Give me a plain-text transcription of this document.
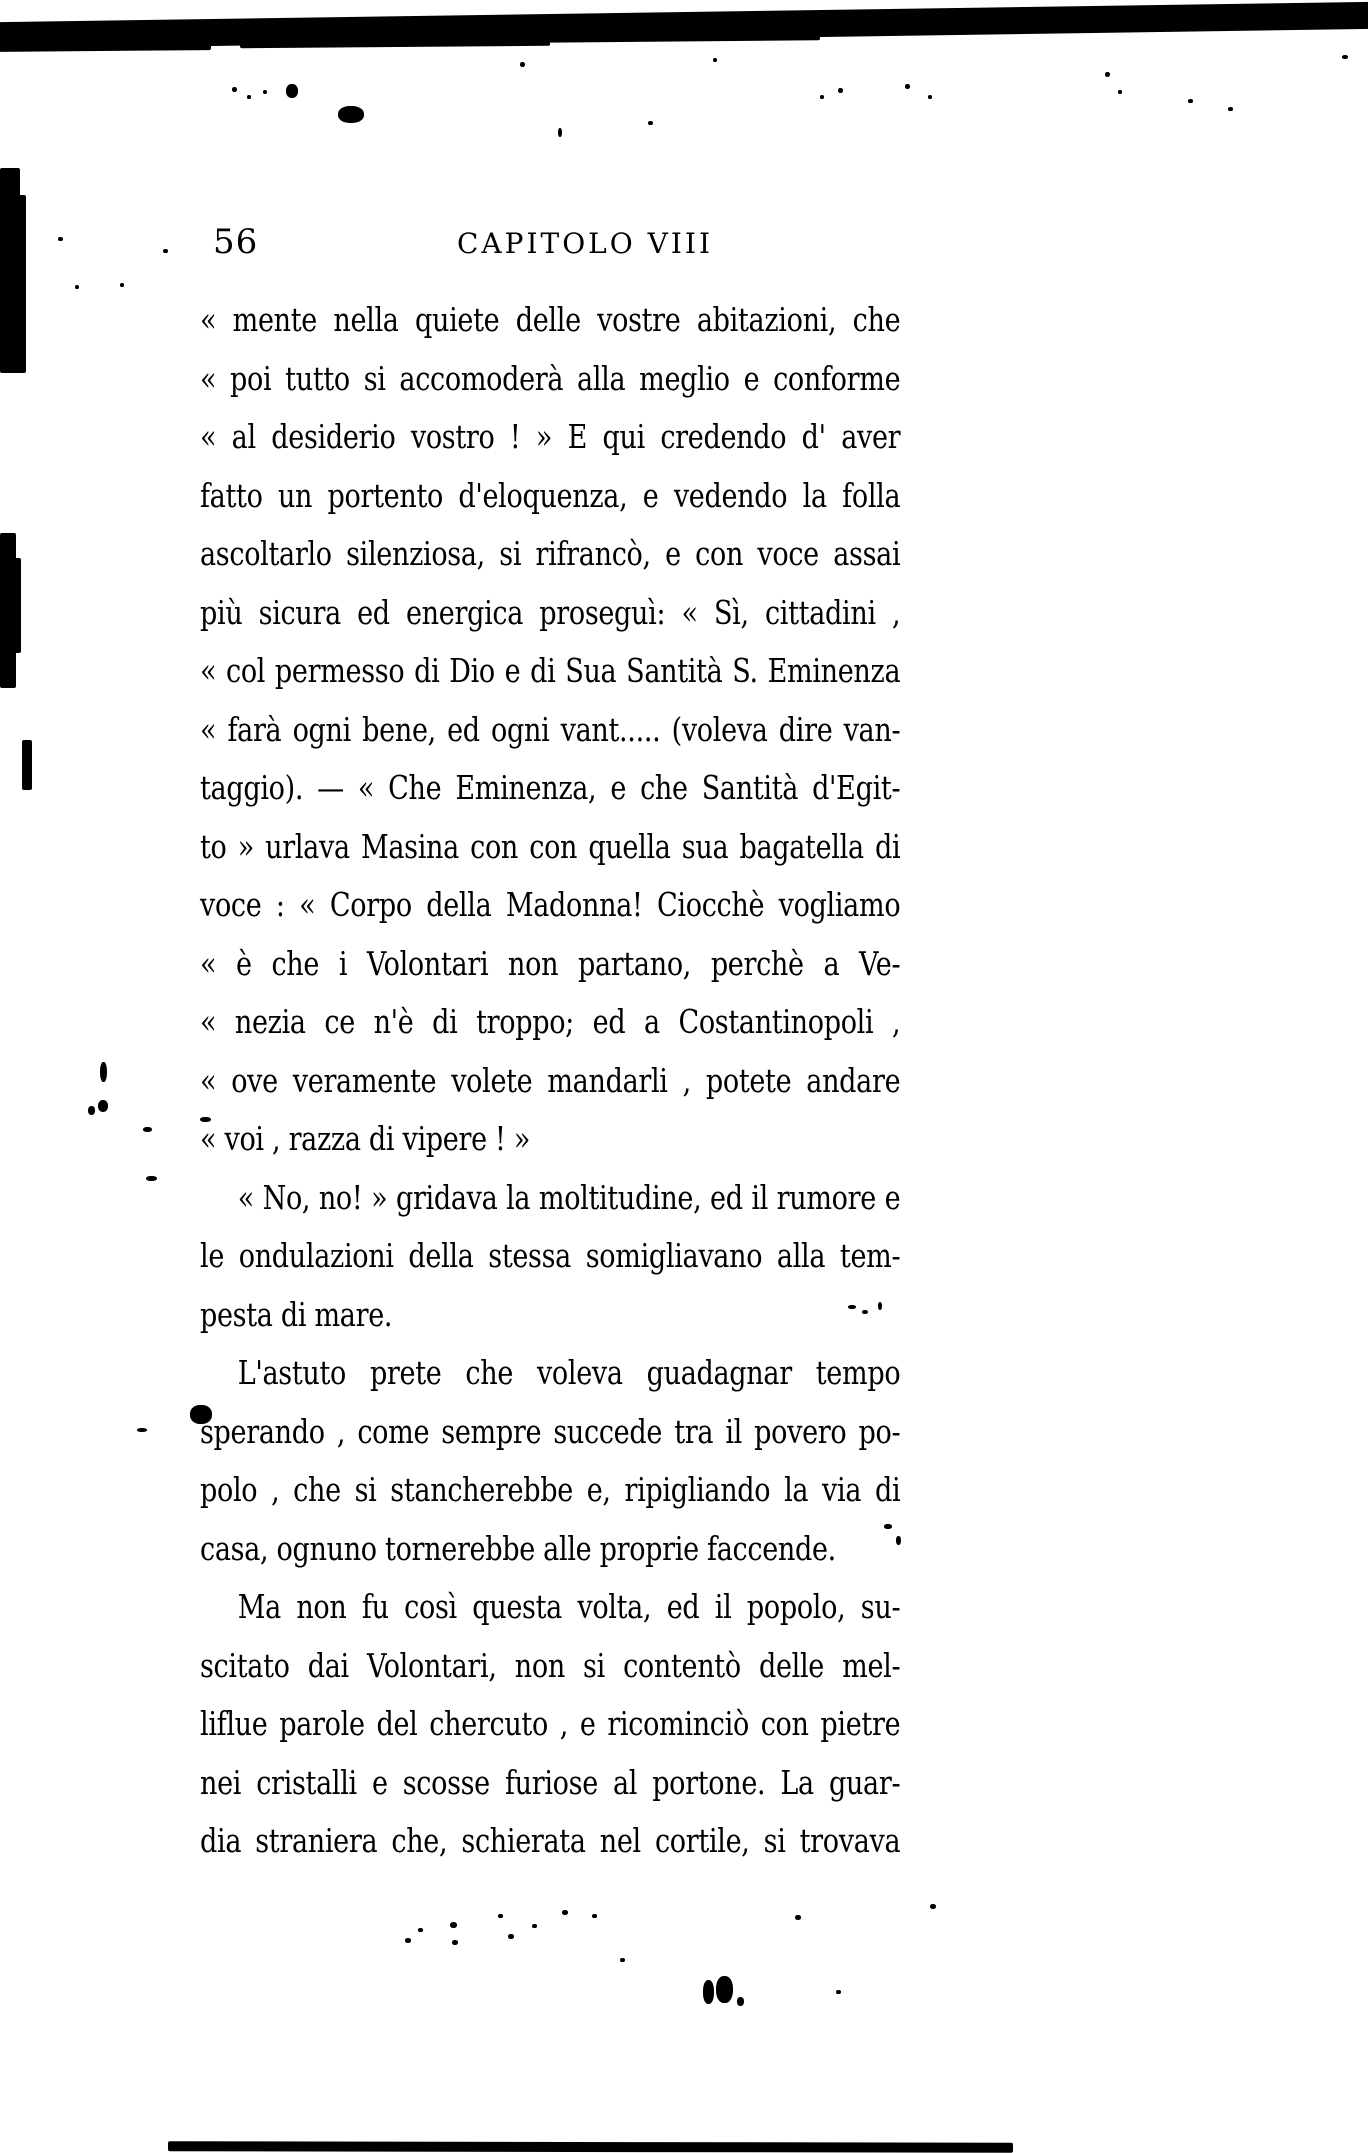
56	CAPITOLO VIII
« mente nella quiete delle vostre abitazioni, che
« poi tutto si accomoderà alla meglio e conforme
« al desiderio vostro ! » E qui credendo d' aver
fatto un portento d'eloquenza, e vedendo la folla
ascoltarlo silenziosa, si rifrancò, e con voce assai
più sicura ed energica proseguì: « Sì, cittadini ,
« col permesso di Dio e di Sua Santità S. Eminenza
« farà ogni bene, ed ogni vant..... (voleva dire van-
taggio). — « Che Eminenza, e che Santità d'Egit-
to » urlava Masina con con quella sua bagatella di
voce : « Corpo della Madonna! Ciocchè vogliamo
« è che i Volontari non partano, perchè a Ve-
« nezia ce n'è di troppo; ed a Costantinopoli ,
« ove veramente volete mandarli , potete andare
« voi , razza di vipere ! »
« No, no! » gridava la moltitudine, ed il rumore e
le ondulazioni della stessa somigliavano alla tem-
pesta di mare.
L'astuto prete che voleva guadagnar tempo
sperando , come sempre succede tra il povero po-
polo , che si stancherebbe e, ripigliando la via di
casa, ognuno tornerebbe alle proprie faccende.
Ma non fu così questa volta, ed il popolo, su-
scitato dai Volontari, non si contentò delle mel-
liflue parole del chercuto , e ricominciò con pietre
nei cristalli e scosse furiose al portone. La guar-
dia straniera che, schierata nel cortile, si trovava
